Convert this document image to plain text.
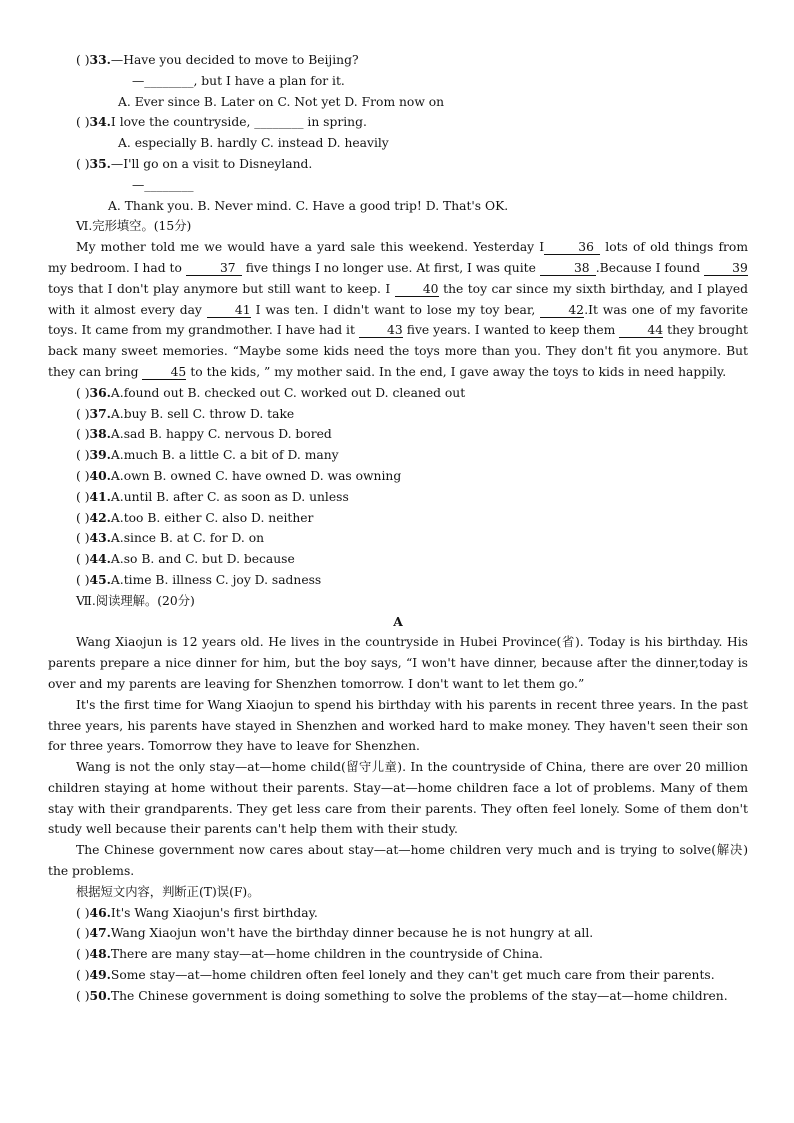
( )33.—Have you decided to move to Beijing?
—________, but I have a plan for it.
A. Ever since B. Later on C. Not yet D. From now on
( )34.I love the countryside, ________ in spring.
A. especially B. hardly C. instead D. heavily
( )35.—I'll go on a visit to Disneyland.
—________
A. Thank you. B. Never mind. C. Have a good trip! D. That's OK.
Ⅵ.完形填空。(15分)
My mother told me we would have a yard sale this weekend. Yesterday I	36 lots of old things from my bedroom. I had to	37 five things I no longer use. At first, I was quite	38 .Because I found 39 toys that I don't play anymore but still want to keep. I 40 the toy car since my sixth birthday, and I played with it almost every day 41 I was ten. I didn't want to lose my toy bear, 42.It was one of my favorite toys. It came from my grandmother. I have had it 43 five years. I wanted to keep them 44 they brought back many sweet memories. “Maybe some kids need the toys more than you. They don't fit you anymore. But they can bring 45 to the kids, ” my mother said. In the end, I gave away the toys to kids in need happily.
( )36.A.found out B. checked out C. worked out D. cleaned out
( )37.A.buy B. sell C. throw D. take
( )38.A.sad B. happy C. nervous D. bored
( )39.A.much B. a little C. a bit of D. many
( )40.A.own B. owned C. have owned D. was owning
( )41.A.until B. after C. as soon as D. unless
( )42.A.too B. either C. also D. neither
( )43.A.since B. at C. for D. on
( )44.A.so B. and C. but D. because
( )45.A.time B. illness C. joy D. sadness
Ⅶ.阅读理解。(20分)
A
Wang Xiaojun is 12 years old. He lives in the countryside in Hubei Province(省). Today is his birthday. His parents prepare a nice dinner for him, but the boy says, “I won't have dinner, because after the dinner,today is over and my parents are leaving for Shenzhen tomorrow. I don't want to let them go.”
It's the first time for Wang Xiaojun to spend his birthday with his parents in recent three years. In the past three years, his parents have stayed in Shenzhen and worked hard to make money. They haven't seen their son for three years. Tomorrow they have to leave for Shenzhen.
Wang is not the only stay—at—home child(留守儿童). In the countryside of China, there are over 20 million children staying at home without their parents. Stay—at—home children face a lot of problems. Many of them stay with their grandparents. They get less care from their parents. They often feel lonely. Some of them don't study well because their parents can't help them with their study.
The Chinese government now cares about stay—at—home children very much and is trying to solve(解决) the problems.
根据短文内容，判断正(T)误(F)。
( )46.It's Wang Xiaojun's first birthday.
( )47.Wang Xiaojun won't have the birthday dinner because he is not hungry at all.
( )48.There are many stay—at—home children in the countryside of China.
( )49.Some stay—at—home children often feel lonely and they can't get much care from their parents.
( )50.The Chinese government is doing something to solve the problems of the stay—at—home children.
